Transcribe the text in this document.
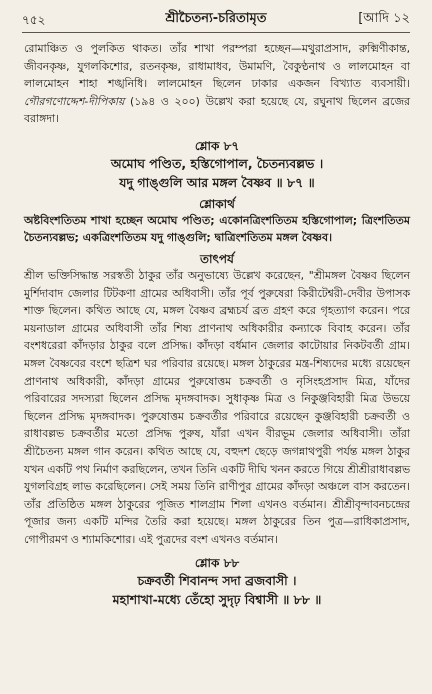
৭৫২	শ্রীচৈতন্য-চরিতামৃত	[আদি ১২

রোমাঞ্চিত ও পুলকিত থাকত। তাঁর শাখা পরম্পরা হচ্ছেন—মথুরাপ্রসাদ, রুক্মিণীকান্ত, জীবনকৃষ্ণ, যুগলকিশোর, রতনকৃষ্ণ, রাধামাধব, উমামণি, বৈকুণ্ঠনাথ ও লালমোহন বা লালমোহন শাহা শঙ্খনিধি। লালমোহন ছিলেন ঢাকার একজন বিখ্যাত ব্যবসায়ী। গৌরগণোদ্দেশ-দীপিকায় (১৯৪ ও ২০০) উল্লেখ করা হয়েছে যে, রঘুনাথ ছিলেন ব্রজের বরাঙ্গদা।

শ্লোক ৮৭
অমোঘ পণ্ডিত, হস্তিগোপাল, চৈতন্যবল্লভ ।
যদু গাঙ্গুলি আর মঙ্গল বৈষ্ণব ॥ ৮৭ ॥
শ্লোকার্থ

অষ্টবিংশতিতম শাখা হচ্ছেন অমোঘ পণ্ডিত; একোনত্রিংশতিতম হস্তিগোপাল; ত্রিংশতিতম চৈতন্যবল্লভ; একত্রিংশতিতম যদু গাঙ্গুলি; দ্বাত্রিংশতিতম মঙ্গল বৈষ্ণব।

তাৎপর্য

শ্রীল ভক্তিসিদ্ধান্ত সরস্বতী ঠাকুর তাঁর অনুভাষ্যে উল্লেখ করেছেন, "শ্রীমঙ্গল বৈষ্ণব ছিলেন মুর্শিদাবাদ জেলার টিটকণা গ্রামের অধিবাসী। তাঁর পূর্ব পুরুষেরা কিরীটেশ্বরী-দেবীর উপাসক শাক্ত ছিলেন। কথিত আছে যে, মঙ্গল বৈষ্ণব ব্রহ্মচর্য ব্রত গ্রহণ করে গৃহত্যাগ করেন। পরে ময়নাডাল গ্রামের অধিবাসী তাঁর শিষ্য প্রাণনাথ অধিকারীর কন্যাকে বিবাহ করেন। তাঁর বংশধরেরা কাঁদড়ার ঠাকুর বলে প্রসিদ্ধ। কাঁদড়া বর্ধমান জেলার কাটোয়ার নিকটবর্তী গ্রাম। মঙ্গল বৈষ্ণবের বংশে ছত্রিশ ঘর পরিবার রয়েছে। মঙ্গল ঠাকুরের মন্ত্র-শিষ্যদের মধ্যে রয়েছেন প্রাণনাথ অধিকারী, কাঁদড়া গ্রামের পুরুষোত্তম চক্রবর্তী ও নৃসিংহপ্রসাদ মিত্র, যাঁদের পরিবারের সদস্যরা ছিলেন প্রসিদ্ধ মৃদঙ্গবাদক। সুধাকৃষ্ণ মিত্র ও নিকুঞ্জবিহারী মিত্র উভয়ে ছিলেন প্রসিদ্ধ মৃদঙ্গবাদক। পুরুষোত্তম চক্রবর্তীর পরিবারে রয়েছেন কুঞ্জবিহারী চক্রবর্তী ও রাধাবল্লভ চক্রবর্তীর মতো প্রসিদ্ধ পুরুষ, যাঁরা এখন বীরভূম জেলার অধিবাসী। তাঁরা শ্রীচৈতন্য মঙ্গল গান করেন। কথিত আছে যে, বহুদশ ছেড়ে জগন্নাথপুরী পর্যন্ত মঙ্গল ঠাকুর যখন একটি পথ নির্মাণ করছিলেন, তখন তিনি একটি দীঘি খনন করতে গিয়ে শ্রীশ্রীরাধাবল্লভ যুগলবিগ্রহ লাভ করেছিলেন। সেই সময় তিনি রাণীপুর গ্রামের কাঁদড়া অঞ্চলে বাস করতেন। তাঁর প্রতিষ্ঠিত মঙ্গল ঠাকুরের পূজিত শালগ্রাম শিলা এখনও বর্তমান। শ্রীশ্রীবৃন্দাবনচন্দ্রের পূজার জন্য একটি মন্দির তৈরি করা হয়েছে। মঙ্গল ঠাকুরের তিন পুত্র—রাধিকাপ্রসাদ, গোপীরমণ ও শ্যামকিশোর। এই পুত্রদের বংশ এখনও বর্তমান।

শ্লোক ৮৮
চক্রবর্তী শিবানন্দ সদা ব্রজবাসী ।
মহাশাখা-মধ্যে তেঁহো সুদৃঢ় বিশ্বাসী ॥ ৮৮ ॥
